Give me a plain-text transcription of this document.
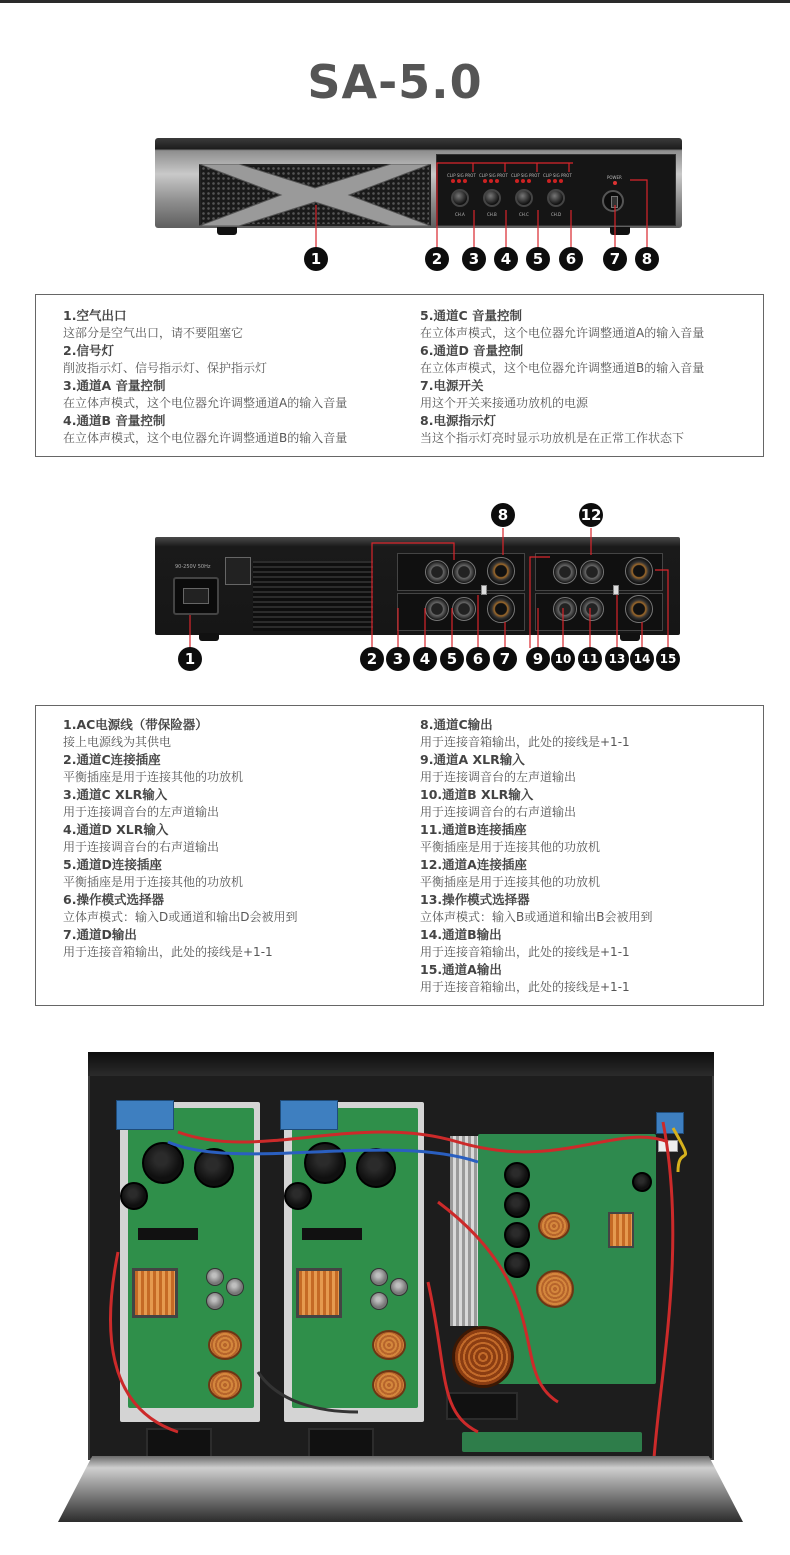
SA-5.0
CLIP SIG PROT CLIP SIG PROT CLIP SIG PROT CLIP SIG PROT
CH.A	CH.B	CH.C	CH.D
POWER
90-250V 50Hz
1	2	3	4	5	6	7	8
8	12
1	2	3	4	5	6	7	9 10 11 13 14 15
1.空气出口
这部分是空气出口，请不要阻塞它
2.信号灯
削波指示灯、信号指示灯、保护指示灯
3.通道A 音量控制
在立体声模式，这个电位器允许调整通道A的输入音量
4.通道B 音量控制
在立体声模式，这个电位器允许调整通道B的输入音量
5.通道C 音量控制
在立体声模式，这个电位器允许调整通道A的输入音量
6.通道D 音量控制
在立体声模式，这个电位器允许调整通道B的输入音量
7.电源开关
用这个开关来接通功放机的电源
8.电源指示灯
当这个指示灯亮时显示功放机是在正常工作状态下
1.AC电源线（带保险器）
接上电源线为其供电
2.通道C连接插座
平衡插座是用于连接其他的功放机
3.通道C XLR输入
用于连接调音台的左声道输出
4.通道D XLR输入
用于连接调音台的右声道输出
5.通道D连接插座
平衡插座是用于连接其他的功放机
6.操作模式选择器
立体声模式：输入D或通道和输出D会被用到
7.通道D输出
用于连接音箱输出，此处的接线是+1-1
8.通道C输出
用于连接音箱输出，此处的接线是+1-1
9.通道A XLR输入
用于连接调音台的左声道输出
10.通道B XLR输入
用于连接调音台的右声道输出
11.通道B连接插座
平衡插座是用于连接其他的功放机
12.通道A连接插座
平衡插座是用于连接其他的功放机
13.操作模式选择器
立体声模式：输入B或通道和输出B会被用到
14.通道B输出
用于连接音箱输出，此处的接线是+1-1
15.通道A输出
用于连接音箱输出，此处的接线是+1-1
